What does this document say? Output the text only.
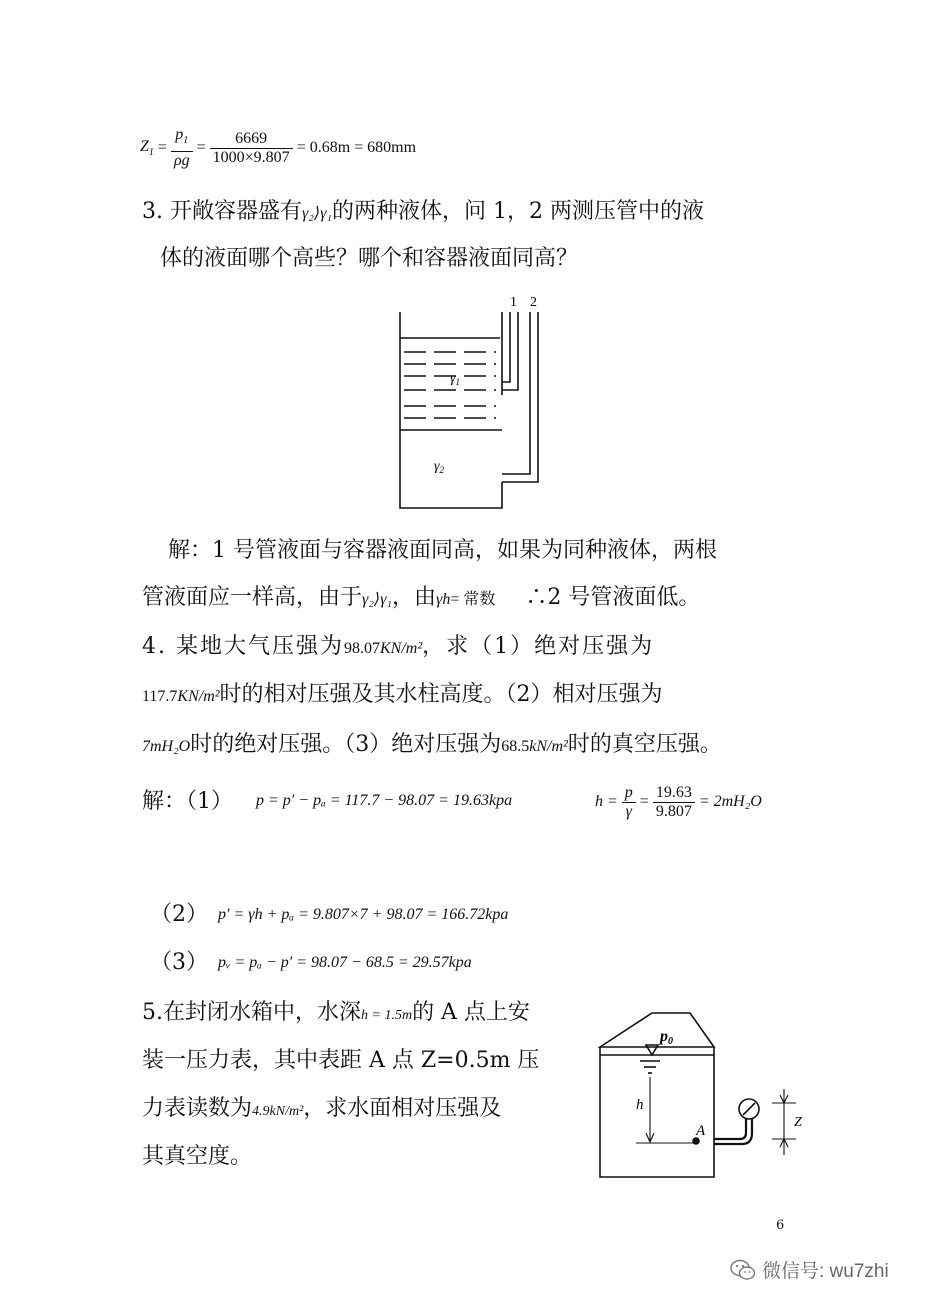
$Z_1 = \frac{p_1}{\rho g} = \frac{6669}{1000\times 9.807} = 0.68m = 680mm$
3. 开敞容器盛有γ₂⟩γ₁的两种液体，问 1，2 两测压管中的液
体的液面哪个高些？哪个和容器液面同高？
1 2
$\gamma_1$
$\gamma_2$
解：1 号管液面与容器液面同高，如果为同种液体，两根
管液面应一样高，由于γ₂⟩γ₁，由γh= 常数 ∴2 号管液面低。
4. 某地大气压强为98.07KN/m²，求（1）绝对压强为
117.7KN/m²时的相对压强及其水柱高度。（2）相对压强为
7mH₂O时的绝对压强。（3）绝对压强为68.5kN/m²时的真空压强。
解：（1） p = p′ − pₐ = 117.7 − 98.07 = 19.63kpa	$h = \frac{p}{\gamma} = \frac{19.63}{9.807} = 2mH_2O$
（2） p′ = γh + pₐ = 9.807×7 + 98.07 = 166.72kpa
（3） pᵥ = pₐ − p′ = 98.07 − 68.5 = 29.57kpa
5.在封闭水箱中，水深h = 1.5m的 A 点上安
装一压力表，其中表距 A 点 Z=0.5m 压
力表读数为4.9kN/m²，求水面相对压强及
其真空度。
p0
h
A
Z
6
微信号: wu7zhi
